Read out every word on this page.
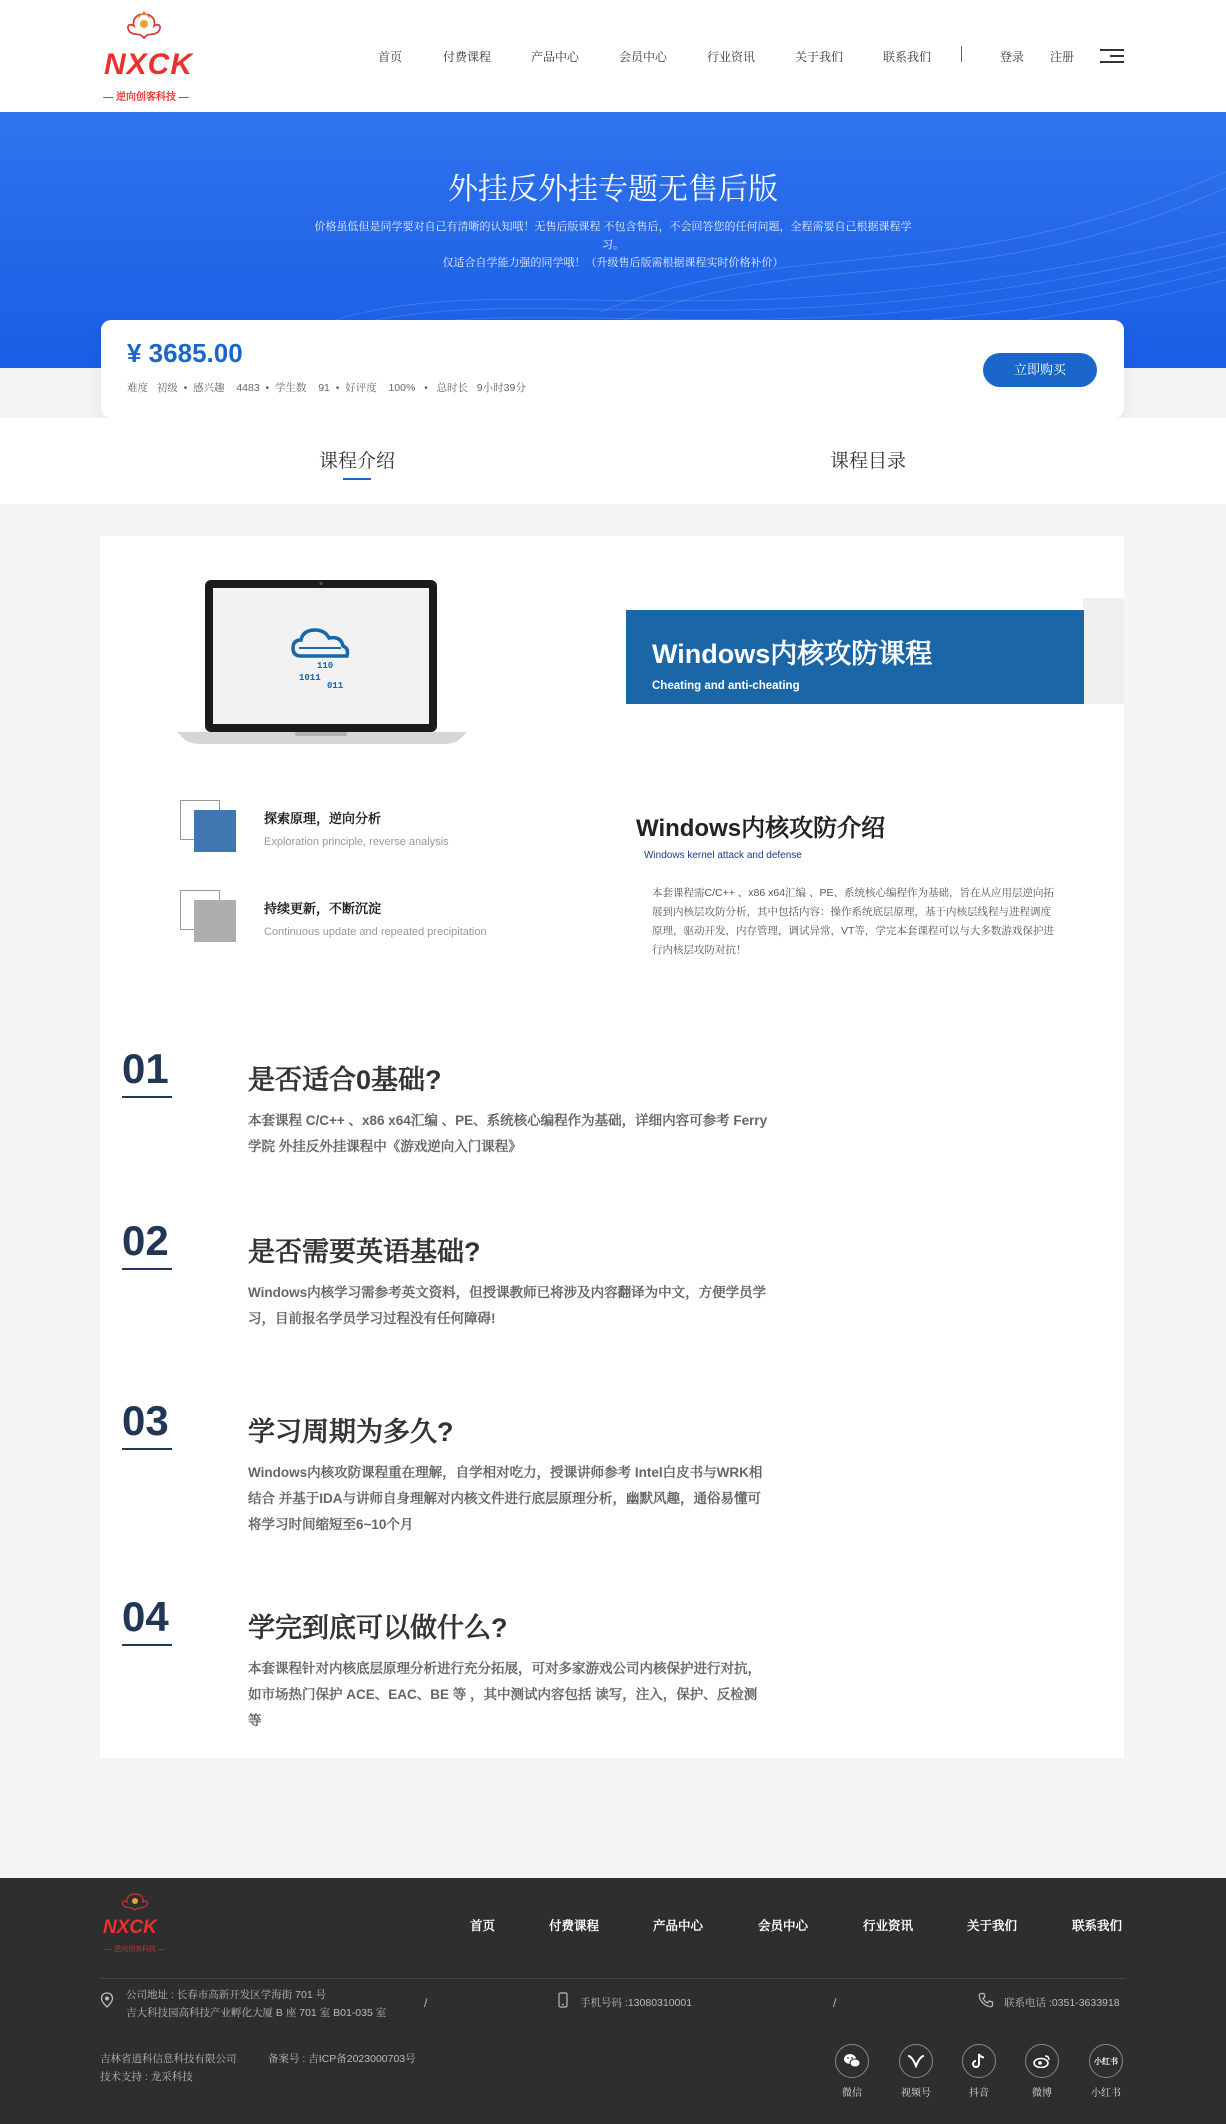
NXCK
— 逆向创客科技 —
首页	付费课程	产品中心	会员中心	行业资讯	关于我们	联系我们	登录 注册
外挂反外挂专题无售后版
价格虽低但是同学要对自己有清晰的认知哦！无售后版课程 不包含售后，不会回答您的任何问题，全程需要自己根据课程学习。
仅适合自学能力强的同学哦！（升级售后版需根据课程实时价格补价）
¥ 3685.00
难度 初级 • 感兴趣 4483 • 学生数 91 • 好评度 100% • 总时长 9小时39分
立即购买
课程介绍	课程目录
110
1011
011
Windows内核攻防课程
Cheating and anti-cheating
探索原理，逆向分析
Exploration principle, reverse analysis
持续更新，不断沉淀
Continuous update and repeated precipitation
Windows内核攻防介绍
Windows kernel attack and defense
本套课程需C/C++ 、x86 x64汇编 、PE、系统核心编程作为基础，旨在从应用层逆向拓展到内核层攻防分析，其中包括内容：操作系统底层原理，基于内核层线程与进程调度原理，驱动开发，内存管理，调试异常，VT等，学完本套课程可以与大多数游戏保护进行内核层攻防对抗！
01	是否适合0基础?
本套课程 C/C++ 、x86 x64汇编 、PE、系统核心编程作为基础，详细内容可参考 Ferry学院 外挂反外挂课程中《游戏逆向入门课程》
02	是否需要英语基础?
Windows内核学习需参考英文资料，但授课教师已将涉及内容翻译为中文，方便学员学习，目前报名学员学习过程没有任何障碍!
03	学习周期为多久?
Windows内核攻防课程重在理解，自学相对吃力，授课讲师参考 Intel白皮书与WRK相结合 并基于IDA与讲师自身理解对内核文件进行底层原理分析，幽默风趣，通俗易懂可将学习时间缩短至6~10个月
04	学完到底可以做什么?
本套课程针对内核底层原理分析进行充分拓展，可对多家游戏公司内核保护进行对抗，如市场热门保护 ACE、EAC、BE 等 ，其中测试内容包括 读写，注入，保护、反检测等
NXCK
— 逆向创客科技 —
首页	付费课程	产品中心	会员中心	行业资讯	关于我们	联系我们
公司地址 : 长春市高新开发区学海街 701 号
吉大科技园高科技产业孵化大厦 B 座 701 室 B01-035 室
/	手机号码 :13080310001	/	联系电话 :0351-3633918
吉林省逍科信息科技有限公司	备案号 : 吉ICP备2023000703号
技术支持 : 龙采科技
微信	视频号	抖音	微博
小红书
小红书
